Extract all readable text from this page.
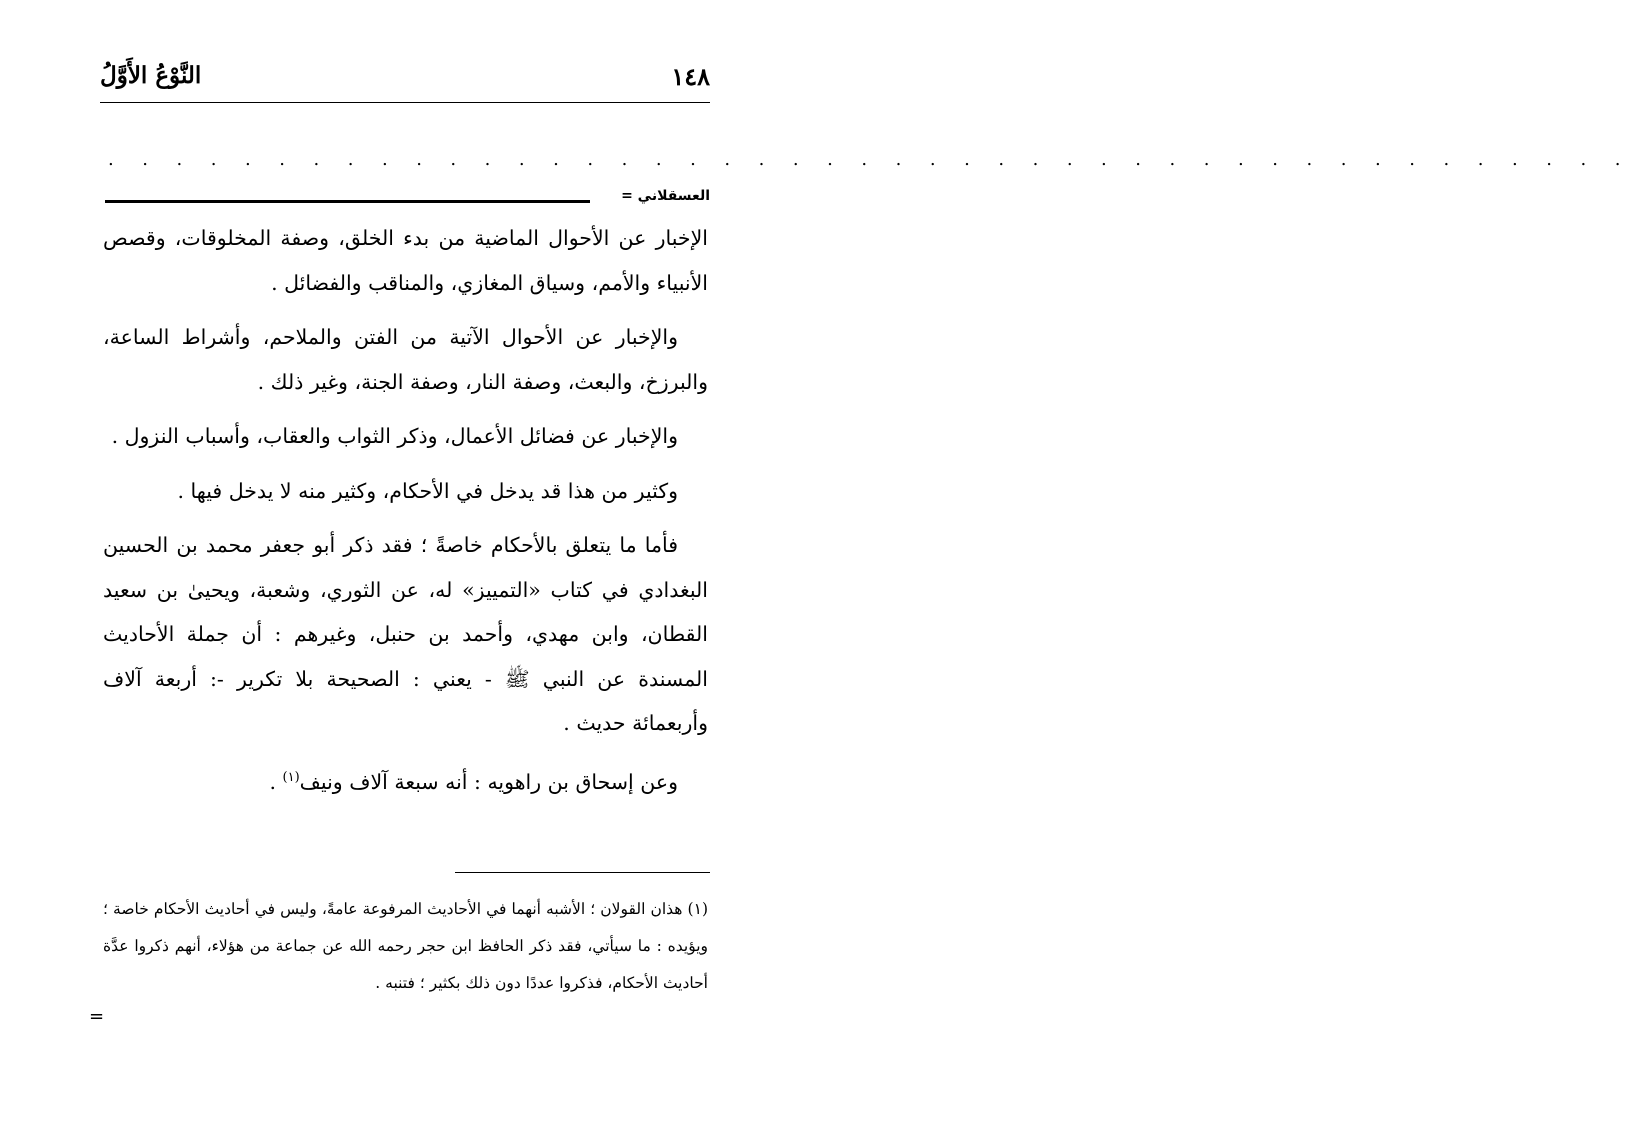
١٤٨
النَّوْعُ الأَوَّلُ
. . . . . . . . . . . . . . . . . . . . . . . . . . . . . . . . . . . . . . . . . . . . .
العسقلاني =

الإخبار عن الأحوال الماضية من بدء الخلق، وصفة المخلوقات، وقصص الأنبياء والأمم، وسياق المغازي، والمناقب والفضائل .

والإخبار عن الأحوال الآتية من الفتن والملاحم، وأشراط الساعة، والبرزخ، والبعث، وصفة النار، وصفة الجنة، وغير ذلك .

والإخبار عن فضائل الأعمال، وذكر الثواب والعقاب، وأسباب النزول .

وكثير من هذا قد يدخل في الأحكام، وكثير منه لا يدخل فيها .

فأما ما يتعلق بالأحكام خاصةً ؛ فقد ذكر أبو جعفر محمد بن الحسين البغدادي في كتاب «التمييز» له، عن الثوري، وشعبة، ويحيىٰ بن سعيد القطان، وابن مهدي، وأحمد بن حنبل، وغيرهم : أن جملة الأحاديث المسندة عن النبي ﷺ - يعني : الصحيحة بلا تكرير -: أربعة آلاف وأربعمائة حديث .

وعن إسحاق بن راهويه : أنه سبعة آلاف ونيف$^{(١)}$ .

(١) هذان القولان ؛ الأشبه أنهما في الأحاديث المرفوعة عامةً، وليس في أحاديث الأحكام خاصة ؛ ويؤيده : ما سيأتي، فقد ذكر الحافظ ابن حجر رحمه الله عن جماعة من هؤلاء، أنهم ذكروا عدَّة أحاديث الأحكام، فذكروا عددًا دون ذلك بكثير ؛ فتنبه .

=
